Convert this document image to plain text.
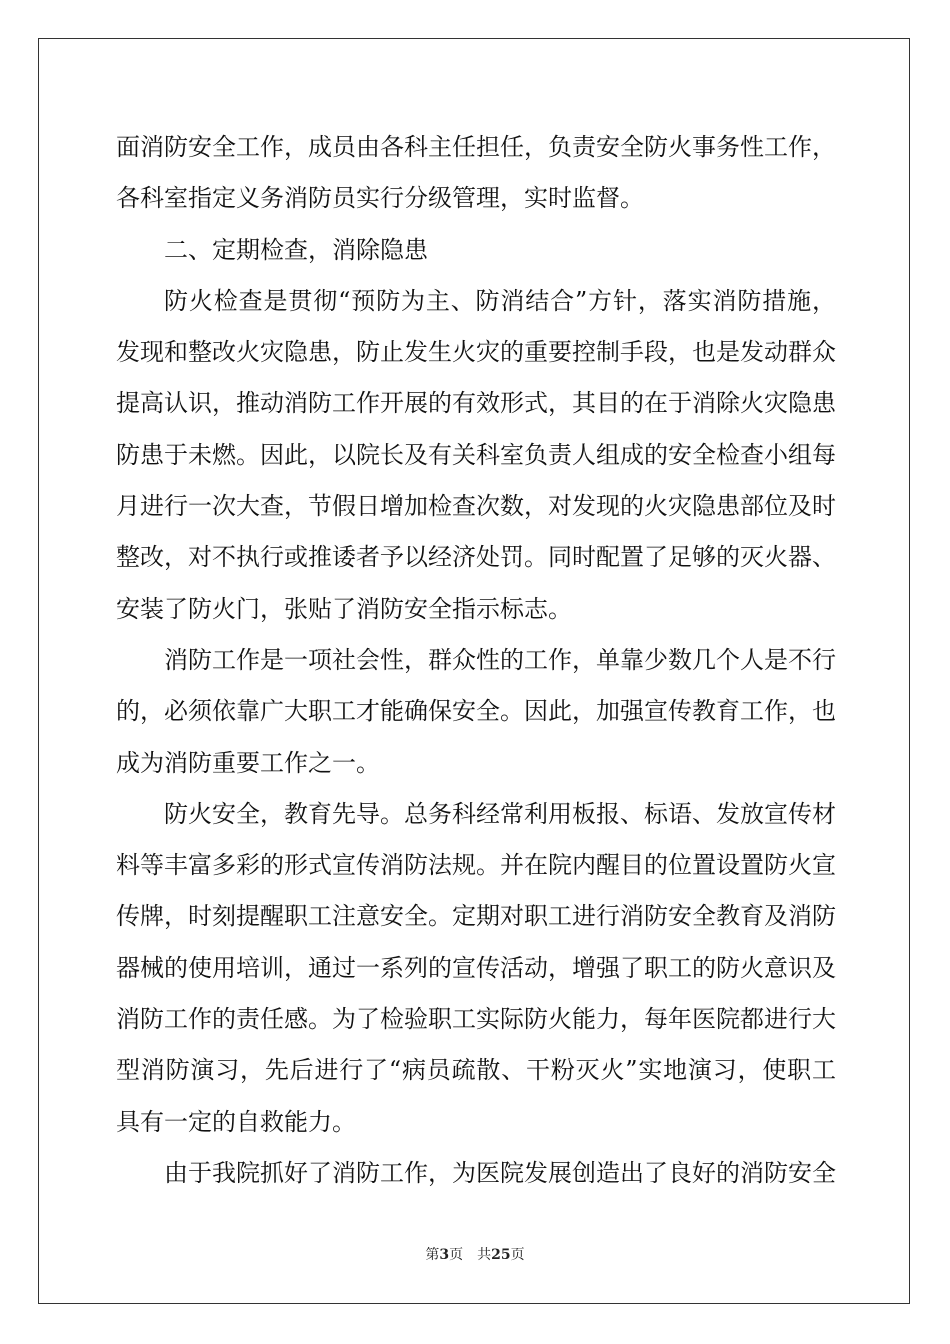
面消防安全工作，成员由各科主任担任，负责安全防火事务性工作，
各科室指定义务消防员实行分级管理，实时监督。
二、定期检查，消除隐患
防火检查是贯彻“预防为主、防消结合”方针，落实消防措施，
发现和整改火灾隐患，防止发生火灾的重要控制手段，也是发动群众
提高认识，推动消防工作开展的有效形式，其目的在于消除火灾隐患
防患于未燃。因此，以院长及有关科室负责人组成的安全检查小组每
月进行一次大查，节假日增加检查次数，对发现的火灾隐患部位及时
整改，对不执行或推诿者予以经济处罚。同时配置了足够的灭火器、
安装了防火门，张贴了消防安全指示标志。
消防工作是一项社会性，群众性的工作，单靠少数几个人是不行
的，必须依靠广大职工才能确保安全。因此，加强宣传教育工作，也
成为消防重要工作之一。
防火安全，教育先导。总务科经常利用板报、标语、发放宣传材
料等丰富多彩的形式宣传消防法规。并在院内醒目的位置设置防火宣
传牌，时刻提醒职工注意安全。定期对职工进行消防安全教育及消防
器械的使用培训，通过一系列的宣传活动，增强了职工的防火意识及
消防工作的责任感。为了检验职工实际防火能力，每年医院都进行大
型消防演习，先后进行了“病员疏散、干粉灭火”实地演习，使职工
具有一定的自救能力。
由于我院抓好了消防工作，为医院发展创造出了良好的消防安全
第3页 共25页
